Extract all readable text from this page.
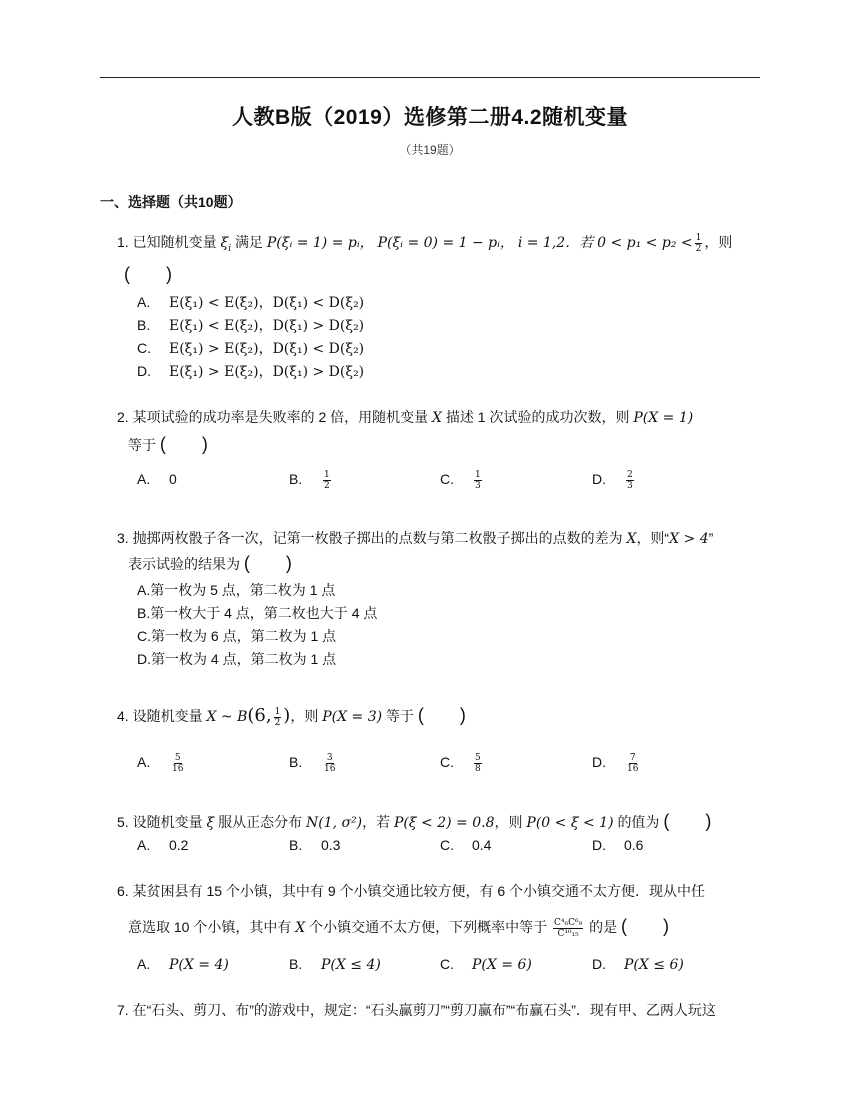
人教B版（2019）选修第二册4.2随机变量
（共19题）
一、选择题（共10题）
1. 已知随机变量 $\xi_i$ 满足 P(ξᵢ = 1) = pᵢ， P(ξᵢ = 0) = 1 − pᵢ， i = 1,2．若 $0 < p_1 < p_2 < \frac{1}{2}$ ，则
(　　)
A. E(ξ₁) < E(ξ₂)，D(ξ₁) < D(ξ₂)
B. E(ξ₁) < E(ξ₂)，D(ξ₁) > D(ξ₂)
C. E(ξ₁) > E(ξ₂)，D(ξ₁) < D(ξ₂)
D. E(ξ₁) > E(ξ₂)，D(ξ₁) > D(ξ₂)
2. 某项试验的成功率是失败率的 2 倍，用随机变量 X 描述 1 次试验的成功次数，则 P(X = 1)
等于 (　　)
A. 0	B. $\frac{1}{2}$	C. $\frac{1}{3}$	D. $\frac{2}{3}$
3. 抛掷两枚骰子各一次，记第一枚骰子掷出的点数与第二枚骰子掷出的点数的差为 X，则“X > 4”
表示试验的结果为 (　　)
A.第一枚为 5 点，第二枚为 1 点
B.第一枚大于 4 点，第二枚也大于 4 点
C.第一枚为 6 点，第二枚为 1 点
D.第一枚为 4 点，第二枚为 1 点
4. 设随机变量 X ~ B(6, $\frac{1}{2}$ )，则 P(X = 3) 等于 (　　)
A. $\frac{5}{16}$	B. $\frac{3}{16}$	C. $\frac{5}{8}$	D. $\frac{7}{16}$
5. 设随机变量 ξ 服从正态分布 N(1, σ²)，若 P(ξ < 2) = 0.8，则 P(0 < ξ < 1) 的值为 (　　)
A. 0.2	B. 0.3	C. 0.4	D. 0.6
6. 某贫困县有 15 个小镇，其中有 9 个小镇交通比较方便，有 6 个小镇交通不太方便．现从中任
意选取 10 个小镇，其中有 X 个小镇交通不太方便，下列概率中等于 $\frac{\text{C⁴₆C⁶₉}}{\text{C¹⁰₁₅}}$ 的是 (　　)
A. P(X = 4)	B. P(X ≤ 4)	C. P(X = 6)	D. P(X ≤ 6)
7. 在“石头、剪刀、布”的游戏中，规定：“石头赢剪刀”“剪刀赢布”“布赢石头”．现有甲、乙两人玩这
